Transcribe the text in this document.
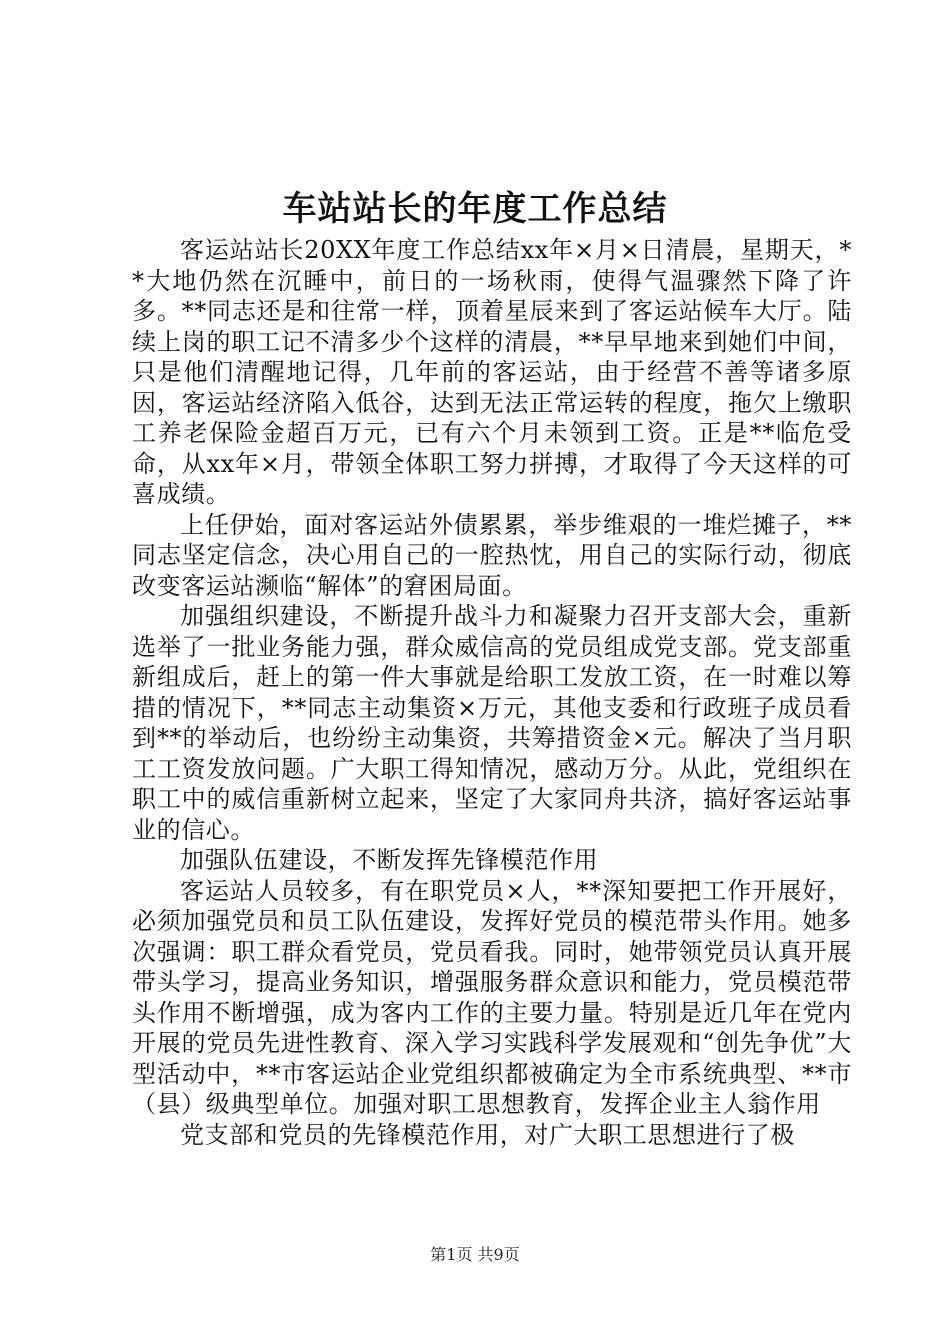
车站站长的年度工作总结

客运站站长20XX年度工作总结xx年×月×日清晨，星期天，**大地仍然在沉睡中，前日的一场秋雨，使得气温骤然下降了许多。**同志还是和往常一样，顶着星辰来到了客运站候车大厅。陆续上岗的职工记不清多少个这样的清晨，**早早地来到她们中间，只是他们清醒地记得，几年前的客运站，由于经营不善等诸多原因，客运站经济陷入低谷，达到无法正常运转的程度，拖欠上缴职工养老保险金超百万元，已有六个月未领到工资。正是**临危受命，从xx年×月，带领全体职工努力拼搏，才取得了今天这样的可喜成绩。

上任伊始，面对客运站外债累累，举步维艰的一堆烂摊子，**同志坚定信念，决心用自己的一腔热忱，用自己的实际行动，彻底改变客运站濒临“解体”的窘困局面。

加强组织建设，不断提升战斗力和凝聚力召开支部大会，重新选举了一批业务能力强，群众威信高的党员组成党支部。党支部重新组成后，赶上的第一件大事就是给职工发放工资，在一时难以筹措的情况下，**同志主动集资×万元，其他支委和行政班子成员看到**的举动后，也纷纷主动集资，共筹措资金×元。解决了当月职工工资发放问题。广大职工得知情况，感动万分。从此，党组织在职工中的威信重新树立起来，坚定了大家同舟共济，搞好客运站事业的信心。

加强队伍建设，不断发挥先锋模范作用

客运站人员较多，有在职党员×人，**深知要把工作开展好，必须加强党员和员工队伍建设，发挥好党员的模范带头作用。她多次强调：职工群众看党员，党员看我。同时，她带领党员认真开展带头学习，提高业务知识，增强服务群众意识和能力，党员模范带头作用不断增强，成为客内工作的主要力量。特别是近几年在党内开展的党员先进性教育、深入学习实践科学发展观和“创先争优”大型活动中，**市客运站企业党组织都被确定为全市系统典型、**市（县）级典型单位。加强对职工思想教育，发挥企业主人翁作用

党支部和党员的先锋模范作用，对广大职工思想进行了极

第1页 共9页
